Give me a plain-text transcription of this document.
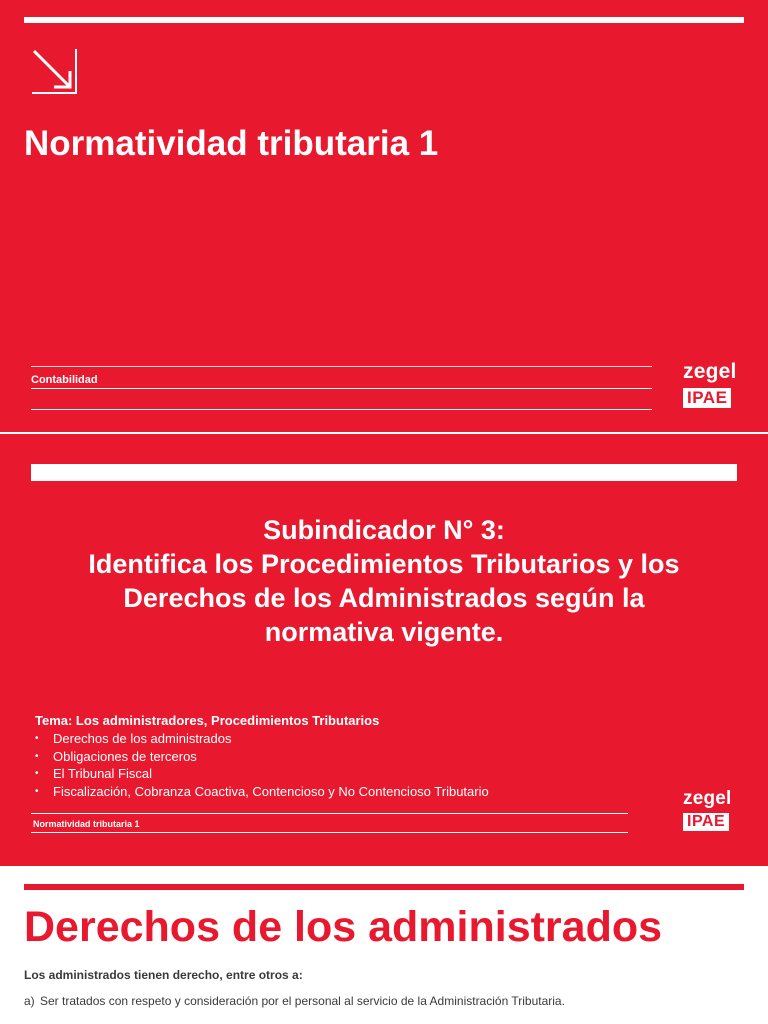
Normatividad tributaria 1
Contabilidad	zegel
IPAE
Subindicador N° 3:
Identifica los Procedimientos Tributarios y los
Derechos de los Administrados según la
normativa vigente.
Tema: Los administradores, Procedimientos Tributarios
• Derechos de los administrados
• Obligaciones de terceros
• El Tribunal Fiscal
• Fiscalización, Cobranza Coactiva, Contencioso y No Contencioso Tributario
Normatividad tributaria 1
zegel
IPAE
Derechos de los administrados
Los administrados tienen derecho, entre otros a:
a) Ser tratados con respeto y consideración por el personal al servicio de la Administración Tributaria.
